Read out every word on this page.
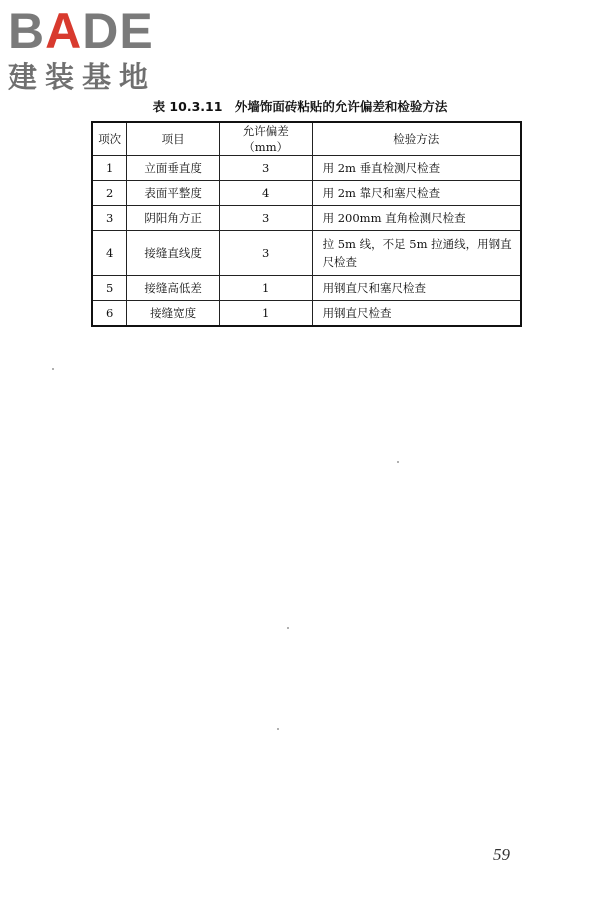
BADE
建装基地
表 10.3.11　外墙饰面砖粘贴的允许偏差和检验方法
项次	项目	允许偏差（mm）	检验方法
1	立面垂直度	3	用 2m 垂直检测尺检查
2	表面平整度	4	用 2m 靠尺和塞尺检查
3	阴阳角方正	3	用 200mm 直角检测尺检查
4	接缝直线度	3	拉 5m 线，不足 5m 拉通线，用钢直尺检查
5	接缝高低差	1	用钢直尺和塞尺检查
6	接缝宽度	1	用钢直尺检查
59
